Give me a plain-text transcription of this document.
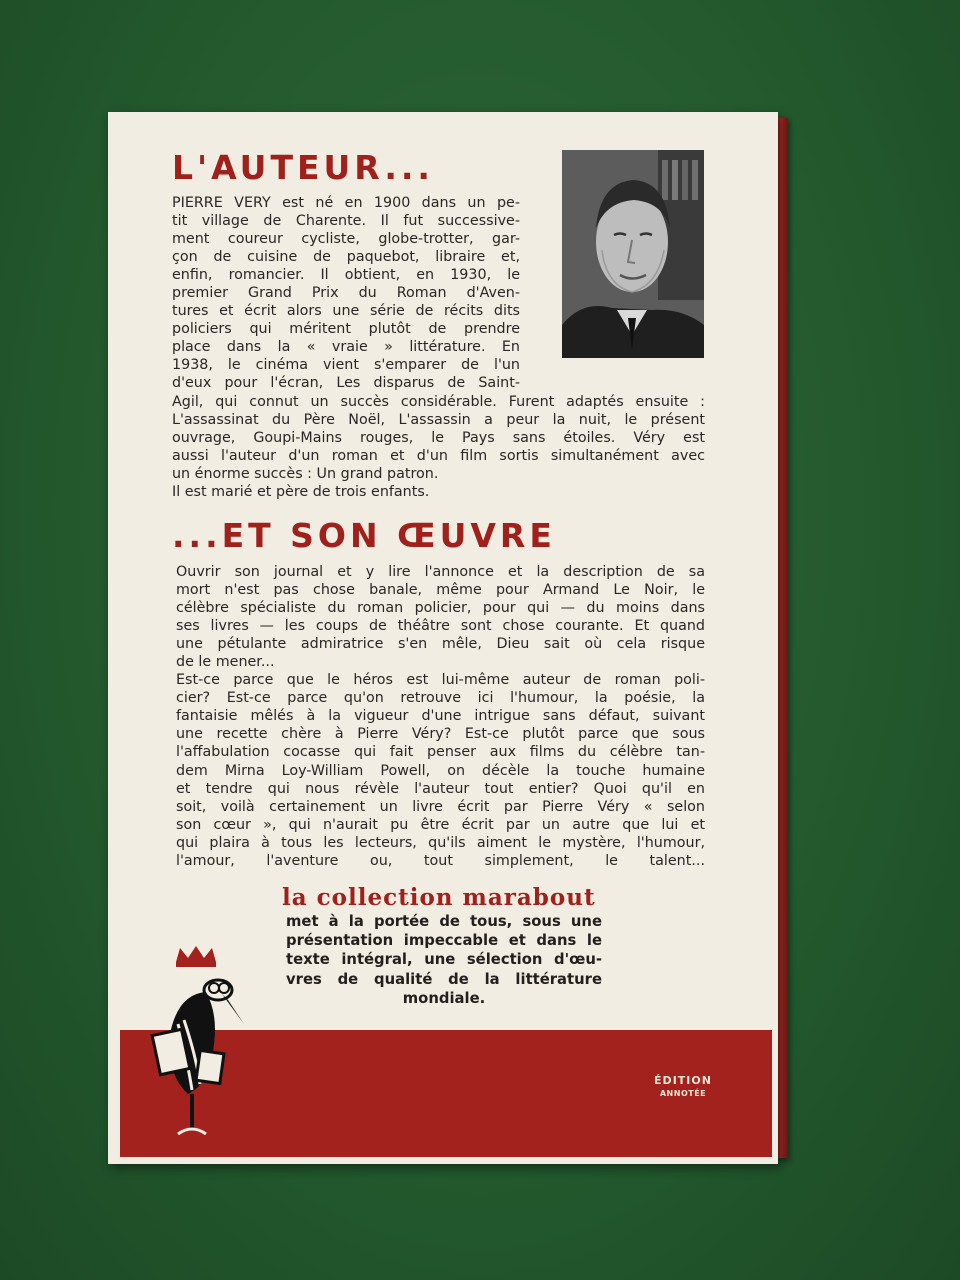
L'AUTEUR...
PIERRE VERY est né en 1900 dans un pe-
tit village de Charente. Il fut successive-
ment coureur cycliste, globe-trotter, gar-
çon de cuisine de paquebot, libraire et,
enfin, romancier. Il obtient, en 1930, le
premier Grand Prix du Roman d'Aven-
tures et écrit alors une série de récits dits
policiers qui méritent plutôt de prendre
place dans la « vraie » littérature. En
1938, le cinéma vient s'emparer de l'un
d'eux pour l'écran, Les disparus de Saint-
Agil, qui connut un succès considérable. Furent adaptés ensuite :
L'assassinat du Père Noël, L'assassin a peur la nuit, le présent
ouvrage, Goupi-Mains rouges, le Pays sans étoiles. Véry est
aussi l'auteur d'un roman et d'un film sortis simultanément avec
un énorme succès : Un grand patron.
Il est marié et père de trois enfants.
...ET SON ŒUVRE
Ouvrir son journal et y lire l'annonce et la description de sa
mort n'est pas chose banale, même pour Armand Le Noir, le
célèbre spécialiste du roman policier, pour qui — du moins dans
ses livres — les coups de théâtre sont chose courante. Et quand
une pétulante admiratrice s'en mêle, Dieu sait où cela risque
de le mener...
Est-ce parce que le héros est lui-même auteur de roman poli-
cier? Est-ce parce qu'on retrouve ici l'humour, la poésie, la
fantaisie mêlés à la vigueur d'une intrigue sans défaut, suivant
une recette chère à Pierre Véry? Est-ce plutôt parce que sous
l'affabulation cocasse qui fait penser aux films du célèbre tan-
dem Mirna Loy-William Powell, on décèle la touche humaine
et tendre qui nous révèle l'auteur tout entier? Quoi qu'il en
soit, voilà certainement un livre écrit par Pierre Véry « selon
son cœur », qui n'aurait pu être écrit par un autre que lui et
qui plaira à tous les lecteurs, qu'ils aiment le mystère, l'humour,
l'amour, l'aventure ou, tout simplement, le talent...
la collection marabout
met à la portée de tous, sous une
présentation impeccable et dans le
texte intégral, une sélection d'œu-
vres de qualité de la littérature
mondiale.
ÉDITION
ANNOTÉE
